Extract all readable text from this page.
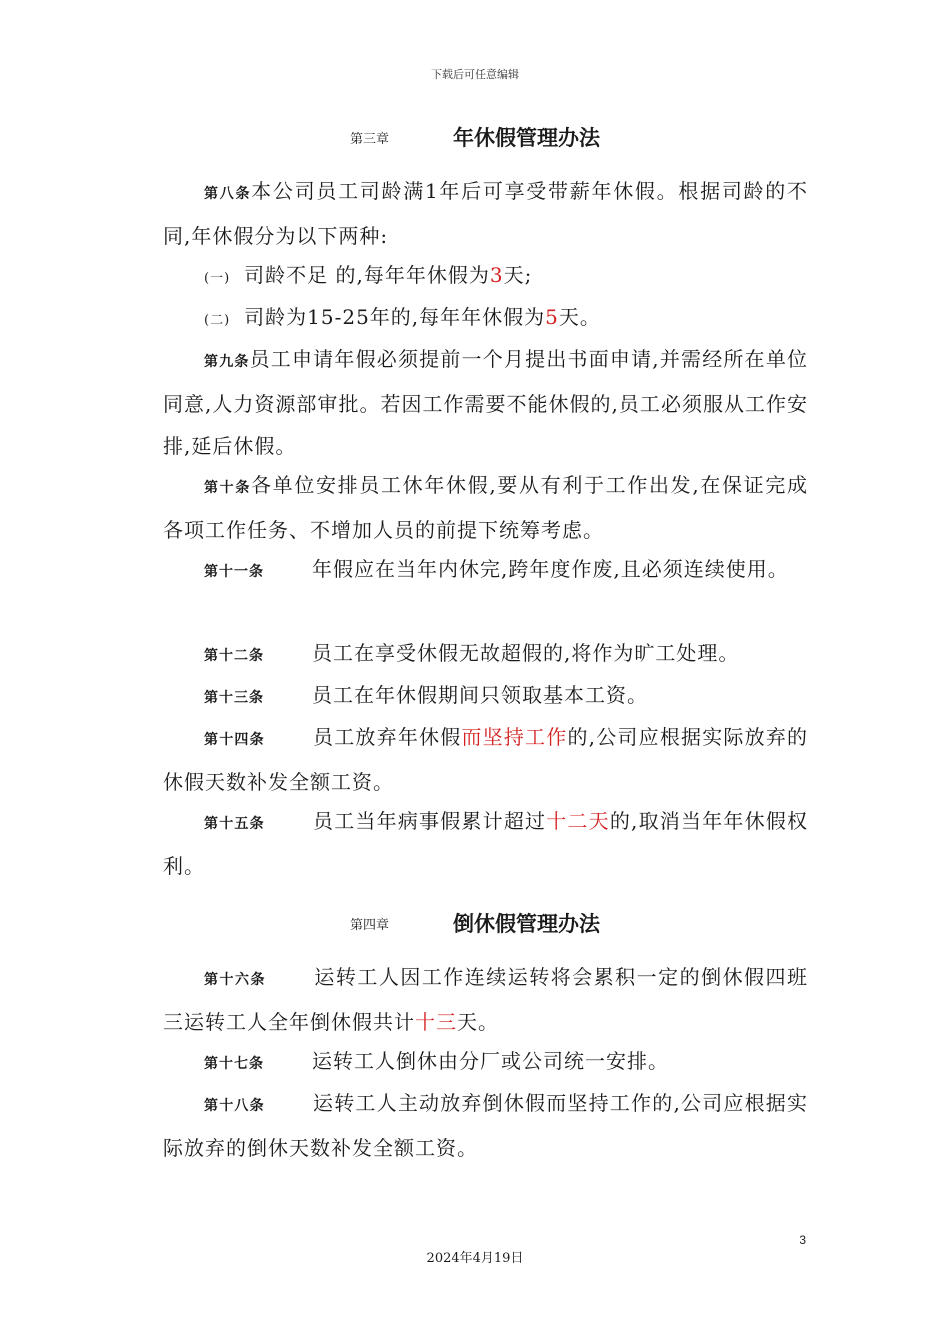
下载后可任意编辑
第三章	年休假管理办法
第八条本公司员工司龄满1年后可享受带薪年休假。根据司龄的不同,年休假分为以下两种:
(一) 司龄不足 的,每年年休假为3天;
(二) 司龄为15-25年的,每年年休假为5天。
第九条员工申请年假必须提前一个月提出书面申请,并需经所在单位同意,人力资源部审批。若因工作需要不能休假的,员工必须服从工作安排,延后休假。
第十条各单位安排员工休年休假,要从有利于工作出发,在保证完成各项工作任务、不增加人员的前提下统筹考虑。
第十一条 年假应在当年内休完,跨年度作废,且必须连续使用。
第十二条 员工在享受休假无故超假的,将作为旷工处理。
第十三条 员工在年休假期间只领取基本工资。
第十四条 员工放弃年休假而坚持工作的,公司应根据实际放弃的休假天数补发全额工资。
第十五条 员工当年病事假累计超过十二天的,取消当年年休假权利。
第四章	倒休假管理办法
第十六条 运转工人因工作连续运转将会累积一定的倒休假四班三运转工人全年倒休假共计十三天。
第十七条 运转工人倒休由分厂或公司统一安排。
第十八条 运转工人主动放弃倒休假而坚持工作的,公司应根据实际放弃的倒休天数补发全额工资。
3
2024年4月19日
